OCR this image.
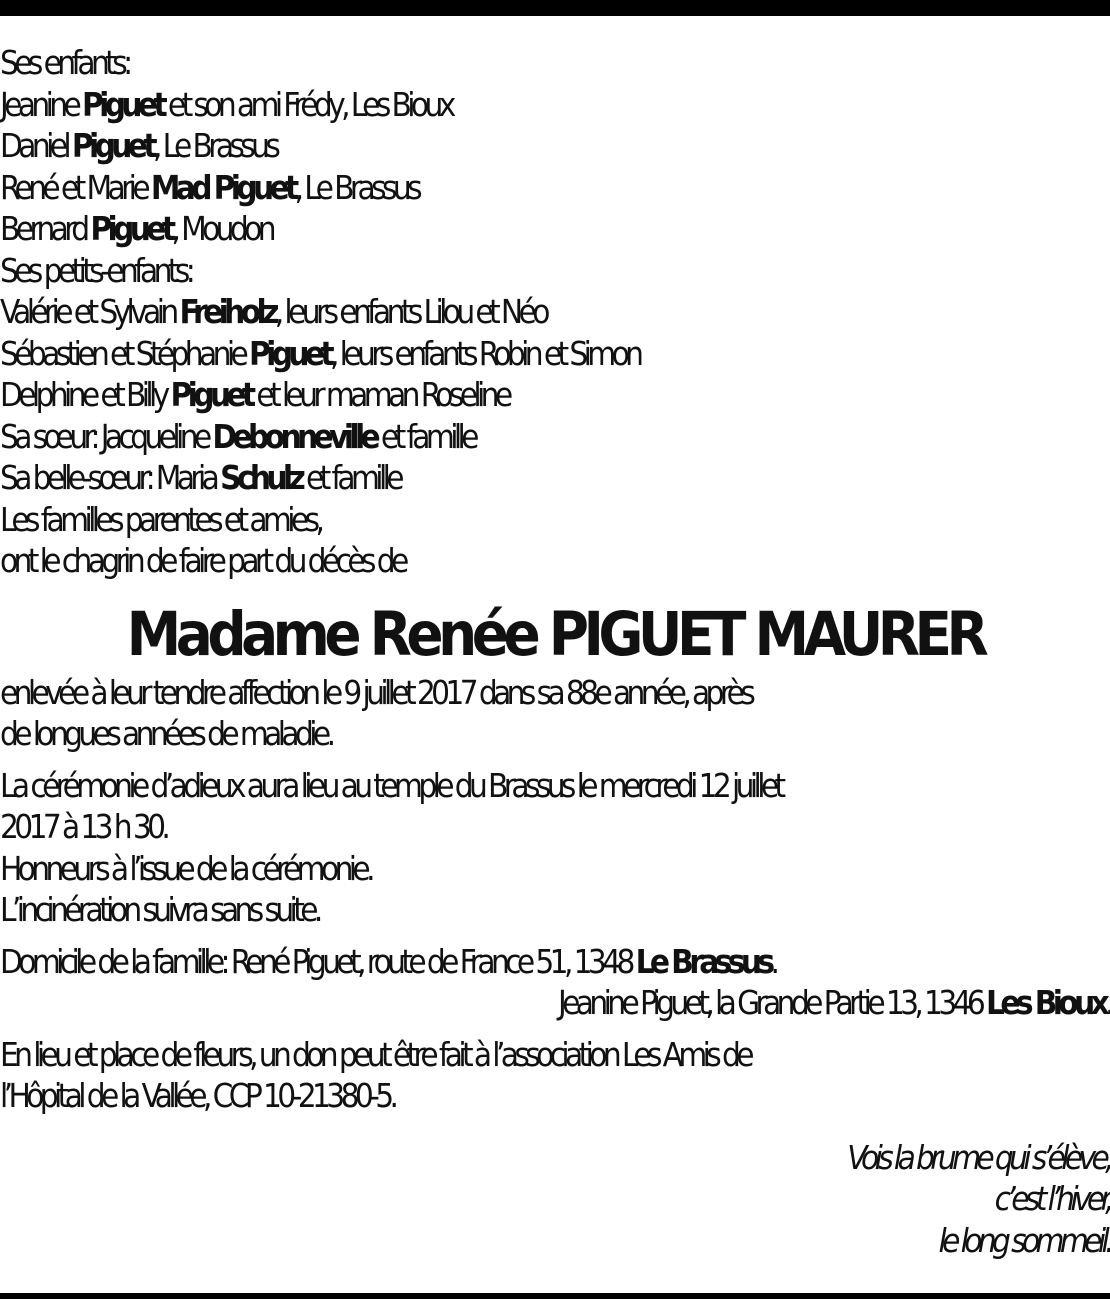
Ses enfants:
Jeanine Piguet et son ami Frédy, Les Bioux
Daniel Piguet, Le Brassus
René et Marie Mad Piguet, Le Brassus
Bernard Piguet, Moudon
Ses petits-enfants:
Valérie et Sylvain Freiholz, leurs enfants Lilou et Néo
Sébastien et Stéphanie Piguet, leurs enfants Robin et Simon
Delphine et Billy Piguet et leur maman Roseline
Sa sœur: Jacqueline Debonneville et famille
Sa belle-sœur: Maria Schulz et famille
Les familles parentes et amies,
ont le chagrin de faire part du décès de
Madame Renée PIGUET MAURER
enlevée à leur tendre affection le 9 juillet 2017 dans sa 88e année, après
de longues années de maladie.
La cérémonie d’adieux aura lieu au temple du Brassus le mercredi 12 juillet
2017 à 13 h 30.
Honneurs à l’issue de la cérémonie.
L’incinération suivra sans suite.
Domicile de la famille: René Piguet, route de France 51, 1348 Le Brassus.
Jeanine Piguet, la Grande Partie 13, 1346 Les Bioux.
En lieu et place de fleurs, un don peut être fait à l’association Les Amis de
l’Hôpital de la Vallée, CCP 10-21380-5.
Vois la brume qui s’élève,
c’est l’hiver,
le long sommeil.
